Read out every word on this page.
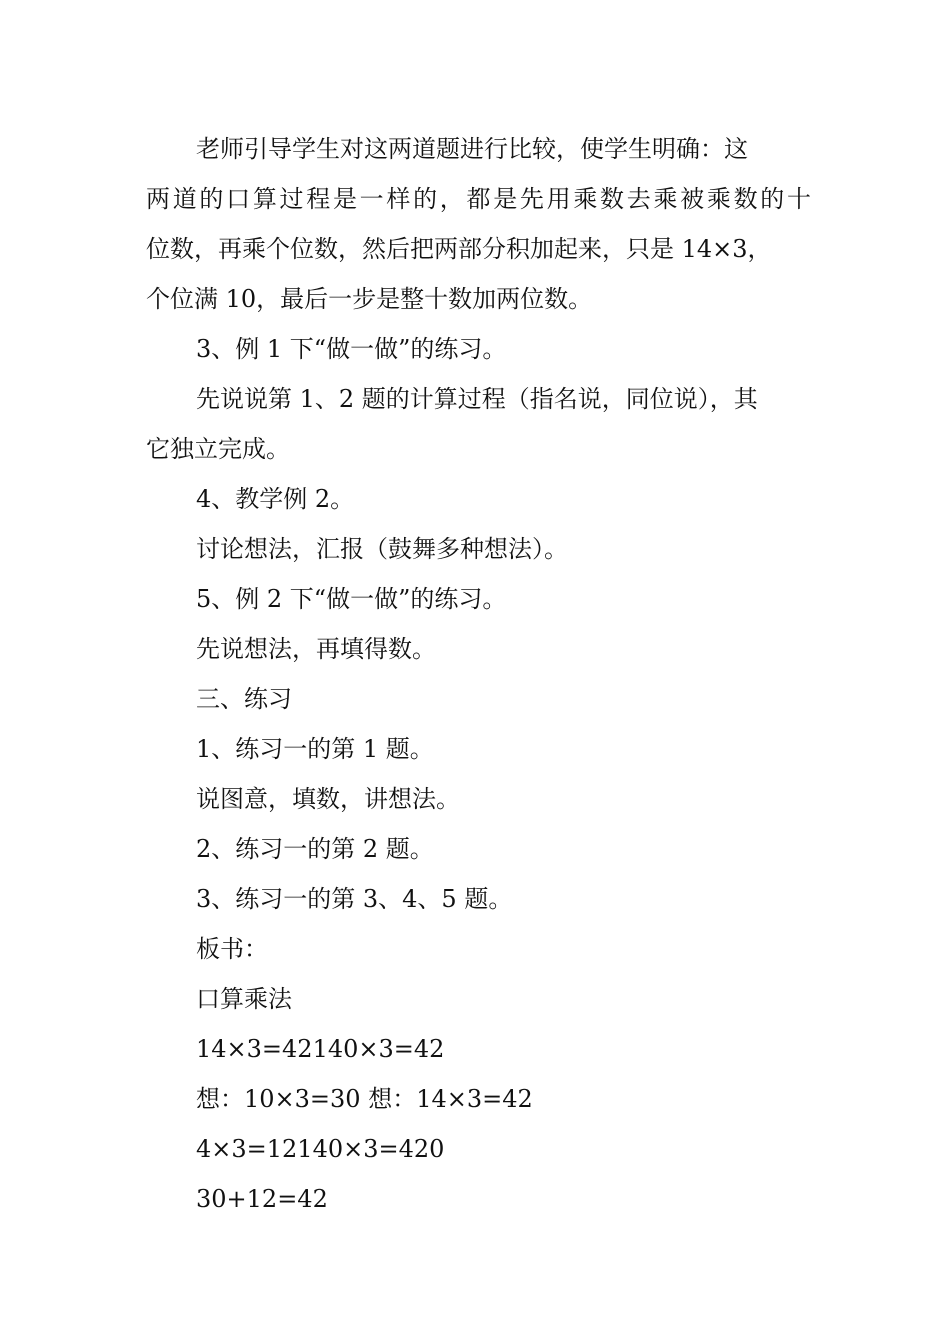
老师引导学生对这两道题进行比较，使学生明确：这
两道的口算过程是一样的，都是先用乘数去乘被乘数的十
位数，再乘个位数，然后把两部分积加起来，只是 14×3，
个位满 10，最后一步是整十数加两位数。
3、例 1 下“做一做”的练习。
先说说第 1、2 题的计算过程（指名说，同位说），其
它独立完成。
4、教学例 2。
讨论想法，汇报（鼓舞多种想法）。
5、例 2 下“做一做”的练习。
先说想法，再填得数。
三、练习
1、练习一的第 1 题。
说图意，填数，讲想法。
2、练习一的第 2 题。
3、练习一的第 3、4、5 题。
板书：
口算乘法
14×3=42140×3=42
想：10×3=30 想：14×3=42
4×3=12140×3=420
30+12=42
